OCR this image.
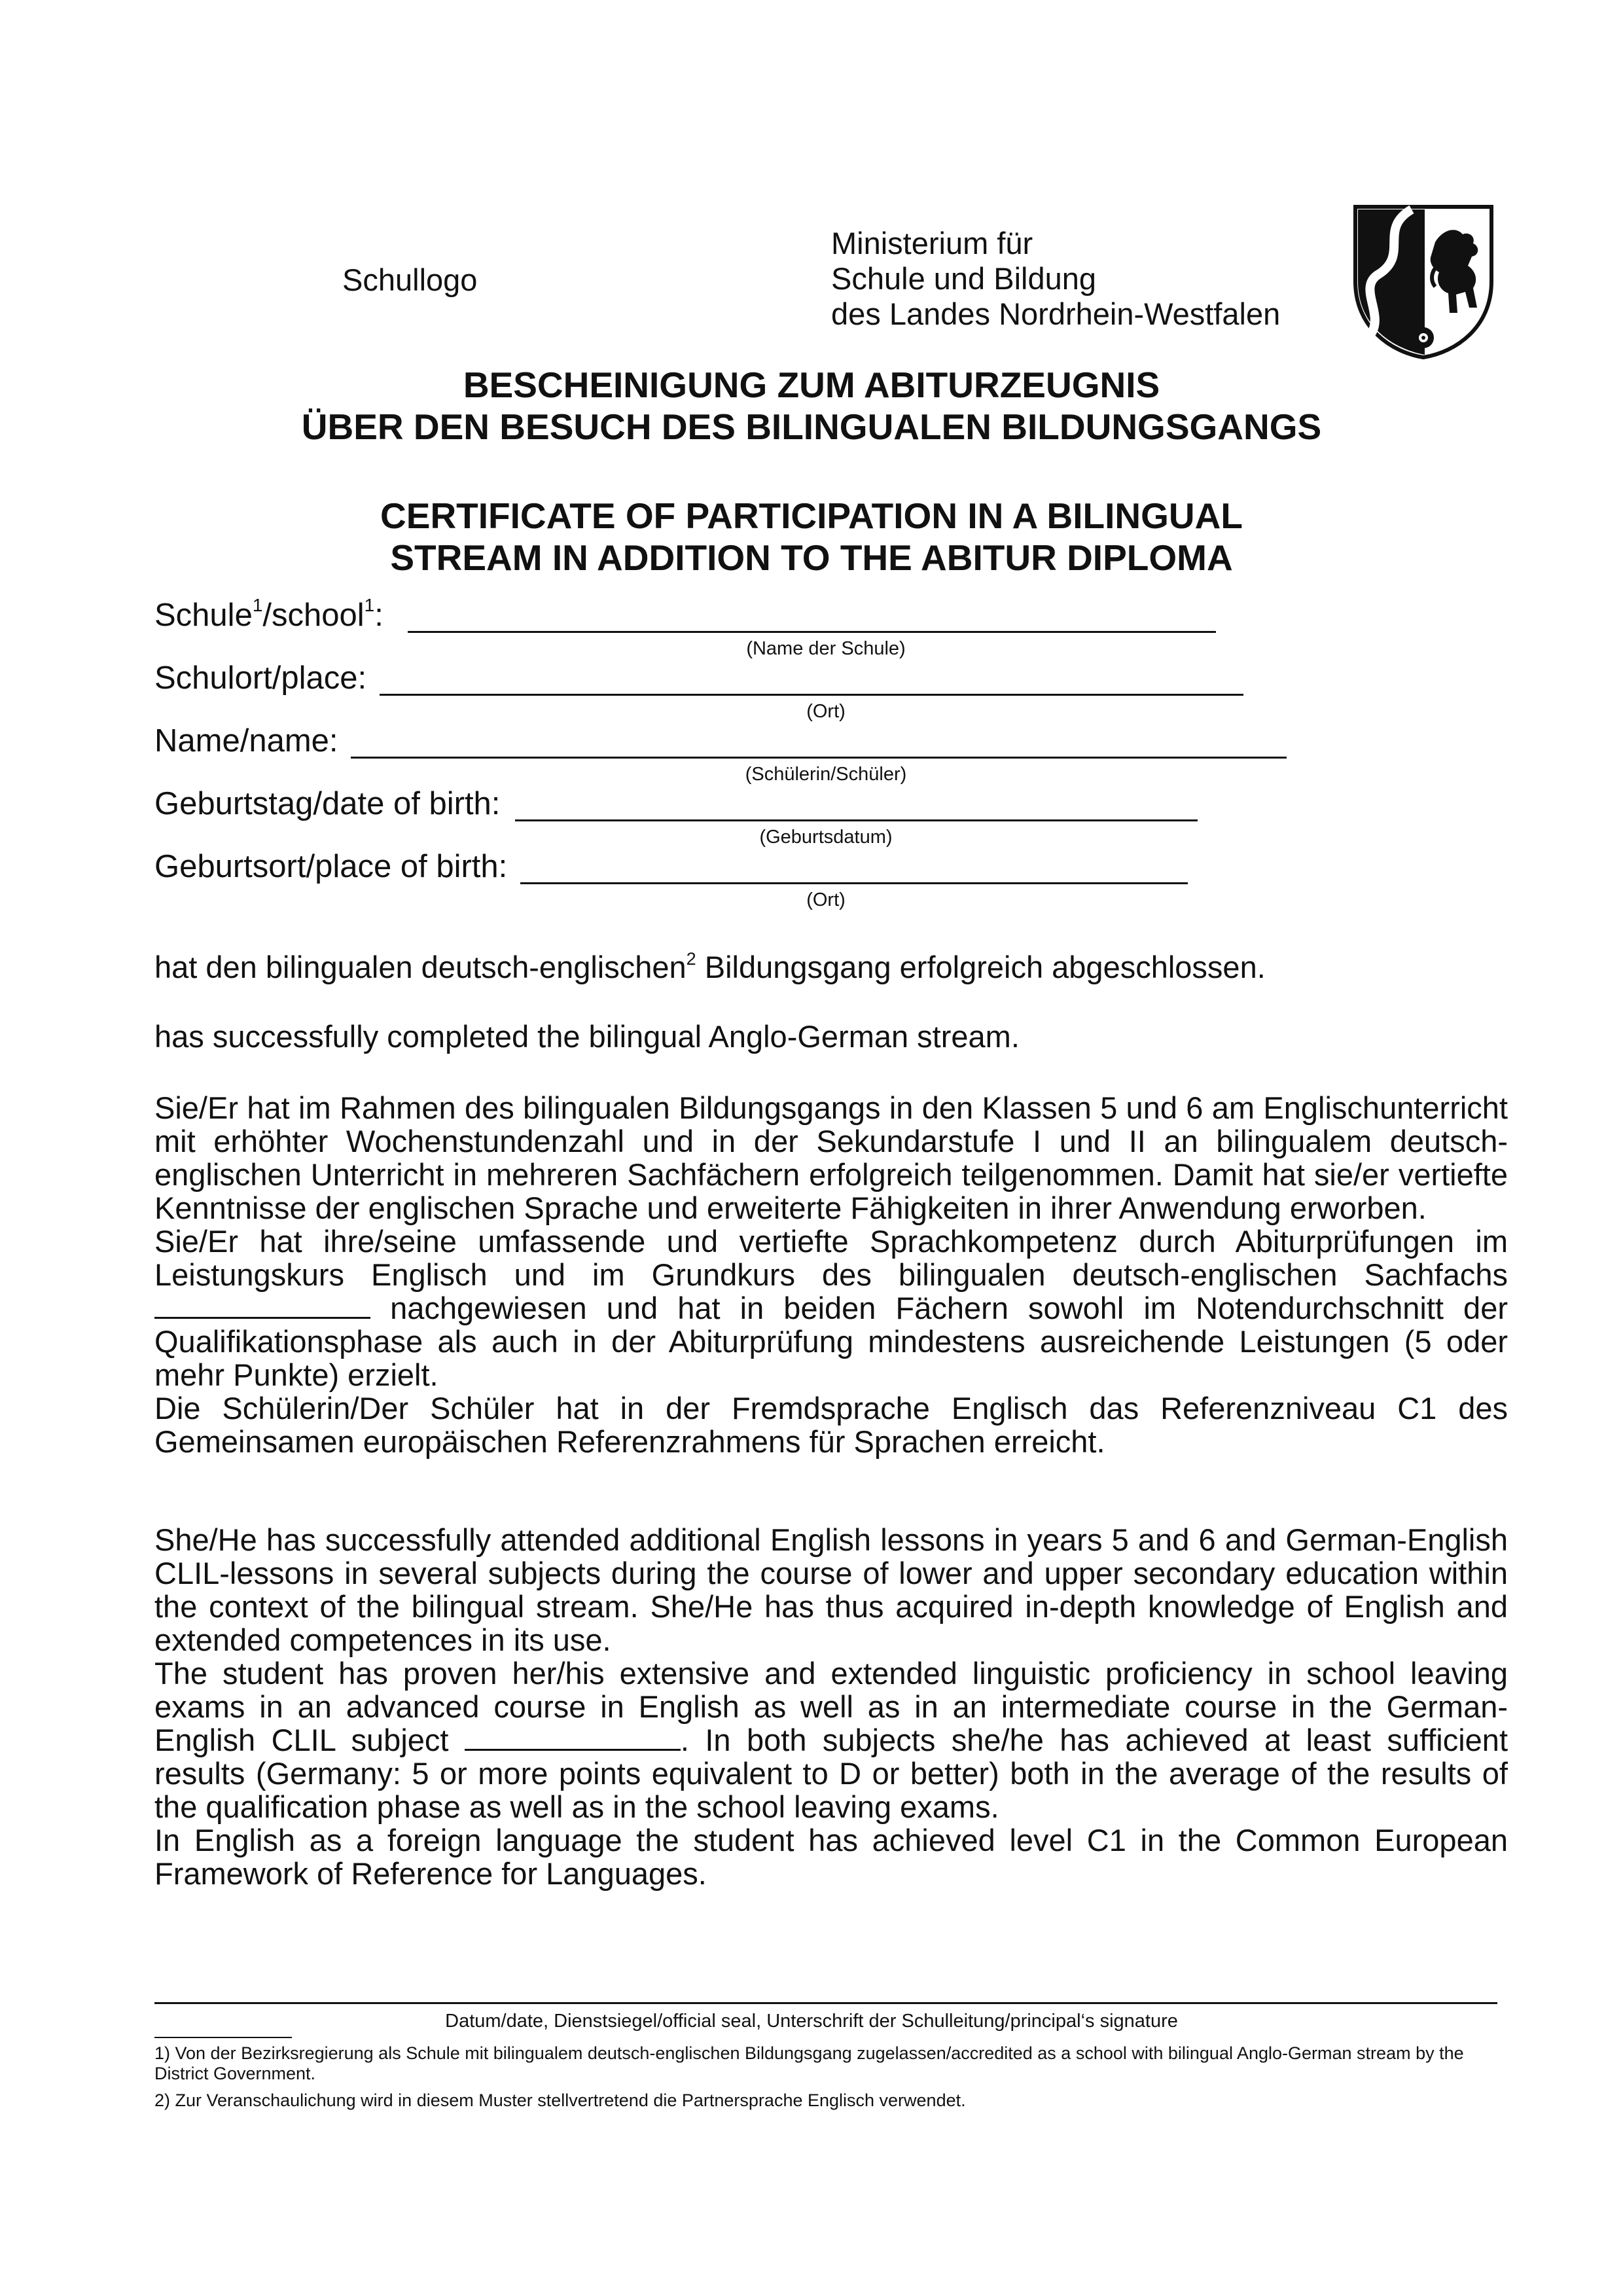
Schullogo
Ministerium für
Schule und Bildung
des Landes Nordrhein-Westfalen
BESCHEINIGUNG ZUM ABITURZEUGNIS
ÜBER DEN BESUCH DES BILINGUALEN BILDUNGSGANGS
CERTIFICATE OF PARTICIPATION IN A BILINGUAL
STREAM IN ADDITION TO THE ABITUR DIPLOMA
Schule$^1$/school$^1$:
(Name der Schule)
Schulort/place:
(Ort)
Name/name:
(Schülerin/Schüler)
Geburtstag/date of birth:
(Geburtsdatum)
Geburtsort/place of birth:
(Ort)
hat den bilingualen deutsch-englischen$^2$ Bildungsgang erfolgreich abgeschlossen.
has successfully completed the bilingual Anglo-German stream.

Sie/Er hat im Rahmen des bilingualen Bildungsgangs in den Klassen 5 und 6 am Englischunterricht mit erhöhter Wochenstundenzahl und in der Sekundarstufe I und II an bilingualem deutsch-englischen Unterricht in mehreren Sachfächern erfolgreich teilgenommen. Damit hat sie/er vertiefte Kenntnisse der englischen Sprache und erweiterte Fähigkeiten in ihrer Anwendung erworben.

Sie/Er hat ihre/seine umfassende und vertiefte Sprachkompetenz durch Abiturprüfungen im Leistungskurs Englisch und im Grundkurs des bilingualen deutsch-englischen Sachfachs  nachgewiesen und hat in beiden Fächern sowohl im Notendurchschnitt der Qualifikationsphase als auch in der Abiturprüfung mindestens ausreichende Leistungen (5 oder mehr Punkte) erzielt.

Die Schülerin/Der Schüler hat in der Fremdsprache Englisch das Referenzniveau C1 des Gemeinsamen europäischen Referenzrahmens für Sprachen erreicht.

She/He has successfully attended additional English lessons in years 5 and 6 and German-English CLIL-lessons in several subjects during the course of lower and upper secondary education within the context of the bilingual stream. She/He has thus acquired in-depth knowledge of English and extended competences in its use.

The student has proven her/his extensive and extended linguistic proficiency in school leaving exams in an advanced course in English as well as in an intermediate course in the German-English CLIL subject	. In both subjects she/he has achieved at least sufficient results (Germany: 5 or more points equivalent to D or better) both in the average of the results of the qualification phase as well as in the school leaving exams.

In English as a foreign language the student has achieved level C1 in the Common European Framework of Reference for Languages.

Datum/date, Dienstsiegel/official seal, Unterschrift der Schulleitung/principal‘s signature

1) Von der Bezirksregierung als Schule mit bilingualem deutsch-englischen Bildungsgang zugelassen/accredited as a school with bilingual Anglo-German stream by the District Government.

2) Zur Veranschaulichung wird in diesem Muster stellvertretend die Partnersprache Englisch verwendet.
